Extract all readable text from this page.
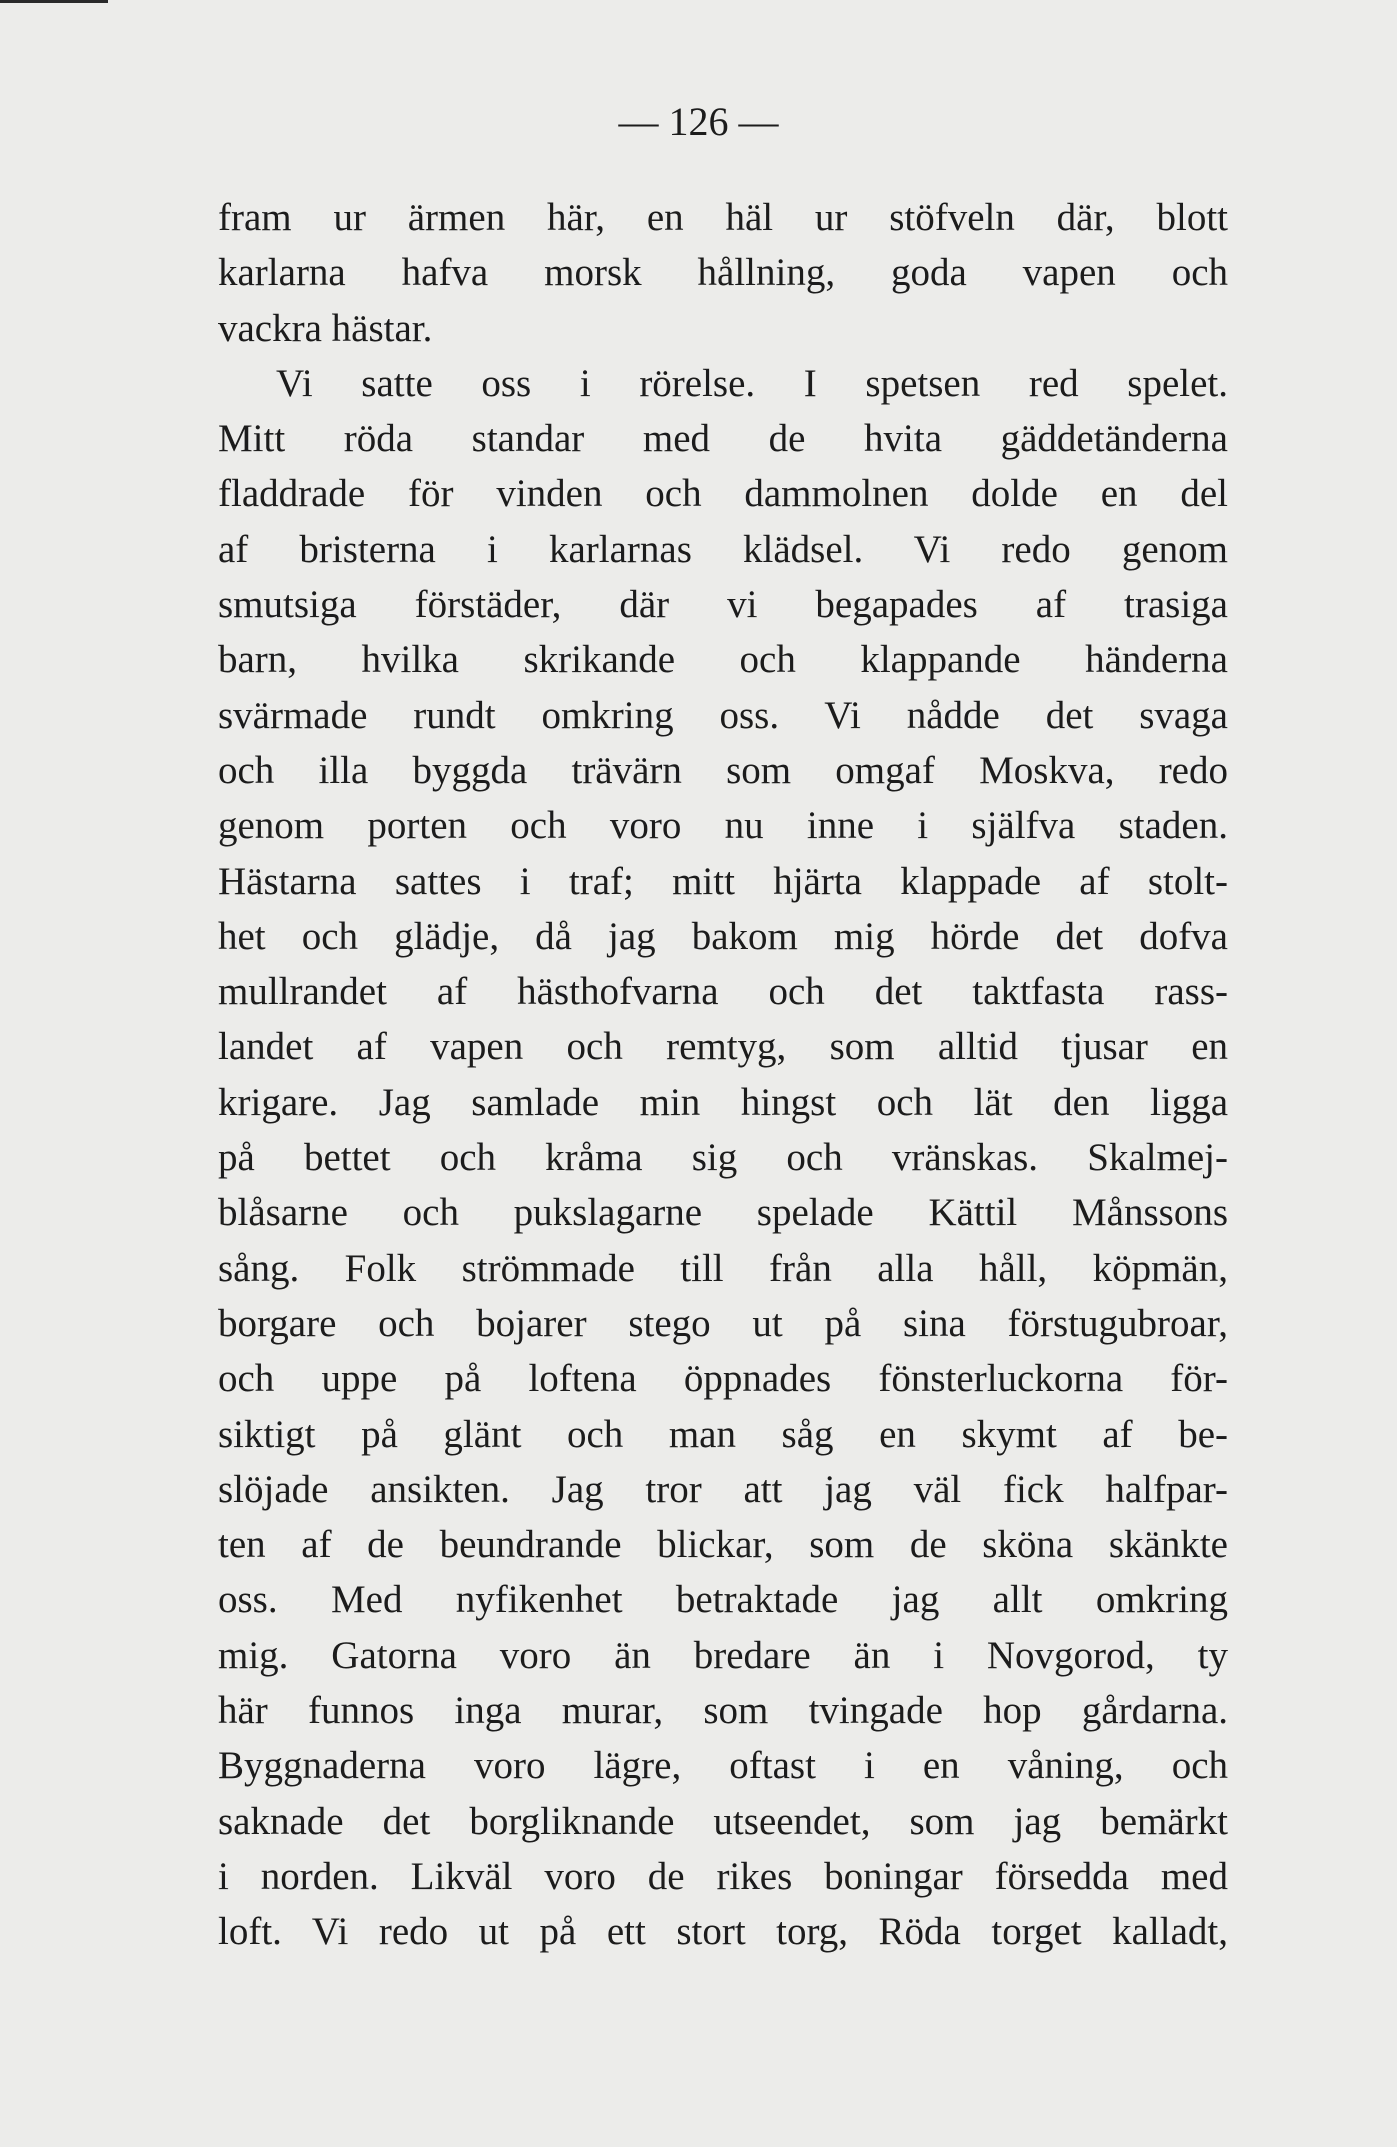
— 126 —

fram ur ärmen här, en häl ur stöfveln där, blott
karlarna hafva morsk hållning, goda vapen och
vackra hästar.
Vi satte oss i rörelse. I spetsen red spelet.
Mitt röda standar med de hvita gäddetänderna
fladdrade för vinden och dammolnen dolde en del
af bristerna i karlarnas klädsel. Vi redo genom
smutsiga förstäder, där vi begapades af trasiga
barn, hvilka skrikande och klappande händerna
svärmade rundt omkring oss. Vi nådde det svaga
och illa byggda trävärn som omgaf Moskva, redo
genom porten och voro nu inne i själfva staden.
Hästarna sattes i traf; mitt hjärta klappade af stolt-
het och glädje, då jag bakom mig hörde det dofva
mullrandet af hästhofvarna och det taktfasta rass-
landet af vapen och remtyg, som alltid tjusar en
krigare. Jag samlade min hingst och lät den ligga
på bettet och kråma sig och vränskas. Skalmej-
blåsarne och pukslagarne spelade Kättil Månssons
sång. Folk strömmade till från alla håll, köpmän,
borgare och bojarer stego ut på sina förstugubroar,
och uppe på loftena öppnades fönsterluckorna för-
siktigt på glänt och man såg en skymt af be-
slöjade ansikten. Jag tror att jag väl fick halfpar-
ten af de beundrande blickar, som de sköna skänkte
oss. Med nyfikenhet betraktade jag allt omkring
mig. Gatorna voro än bredare än i Novgorod, ty
här funnos inga murar, som tvingade hop gårdarna.
Byggnaderna voro lägre, oftast i en våning, och
saknade det borgliknande utseendet, som jag bemärkt
i norden. Likväl voro de rikes boningar försedda med
loft. Vi redo ut på ett stort torg, Röda torget kalladt,
